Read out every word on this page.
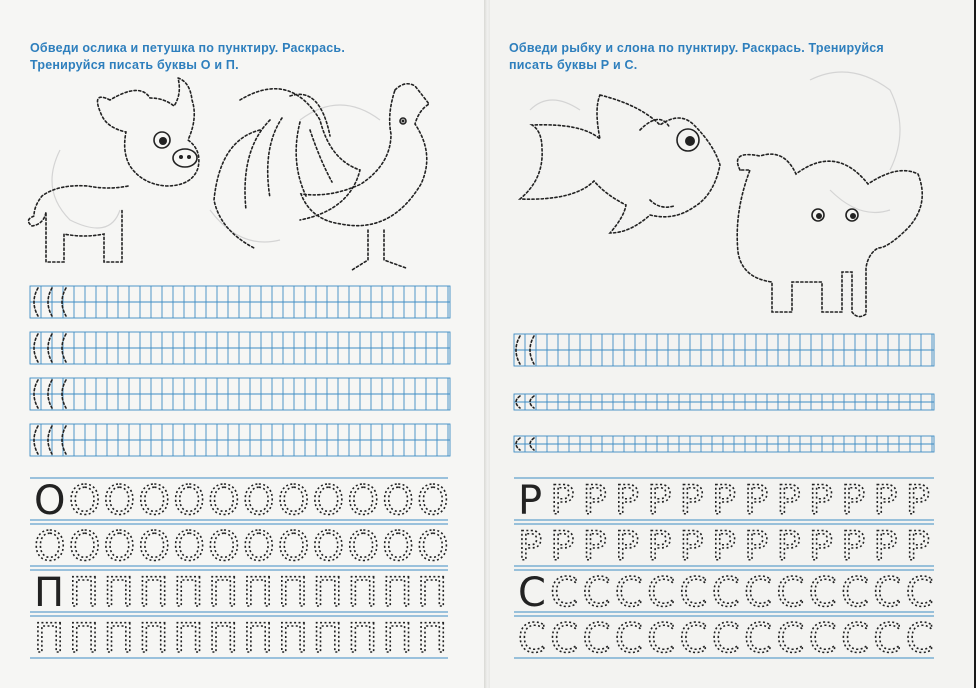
Обведи ослика и петушка по пунктиру. Раскрась.
Тренируйся писать буквы О и П.
О О О О О О О О О О О О
О О О О О О О О О О О О
П П П П П П П П П П П П
П П П П П П П П П П П П
Обведи рыбку и слона по пунктиру. Раскрась. Тренируйся
писать буквы Р и С.
Р Р Р Р Р Р Р Р Р Р Р Р Р
Р Р Р Р Р Р Р Р Р Р Р Р Р
С С С С С С С С С С С С С
С С С С С С С С С С С С С
